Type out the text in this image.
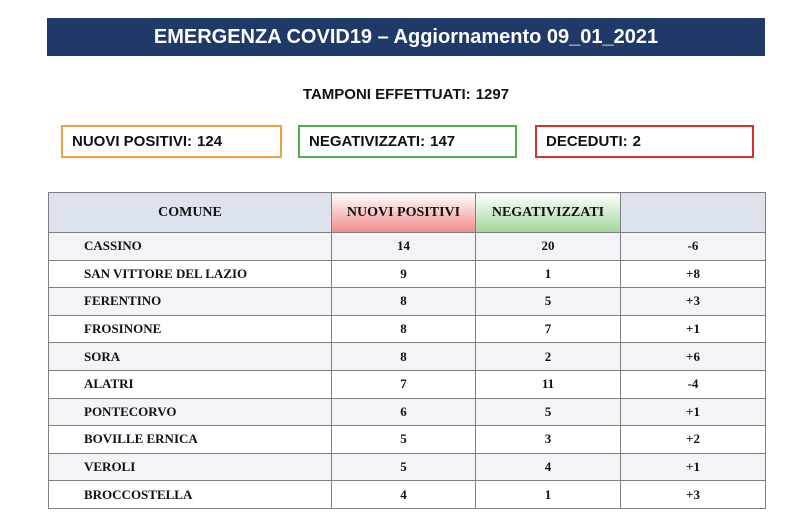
EMERGENZA COVID19 – Aggiornamento 09_01_2021
TAMPONI EFFETTUATI: 1297
NUOVI POSITIVI: 124	NEGATIVIZZATI: 147	DECEDUTI: 2
COMUNE	NUOVI POSITIVI	NEGATIVIZZATI	
CASSINO	14	20	-6
SAN VITTORE DEL LAZIO	9	1	+8
FERENTINO	8	5	+3
FROSINONE	8	7	+1
SORA	8	2	+6
ALATRI	7	11	-4
PONTECORVO	6	5	+1
BOVILLE ERNICA	5	3	+2
VEROLI	5	4	+1
BROCCOSTELLA	4	1	+3
